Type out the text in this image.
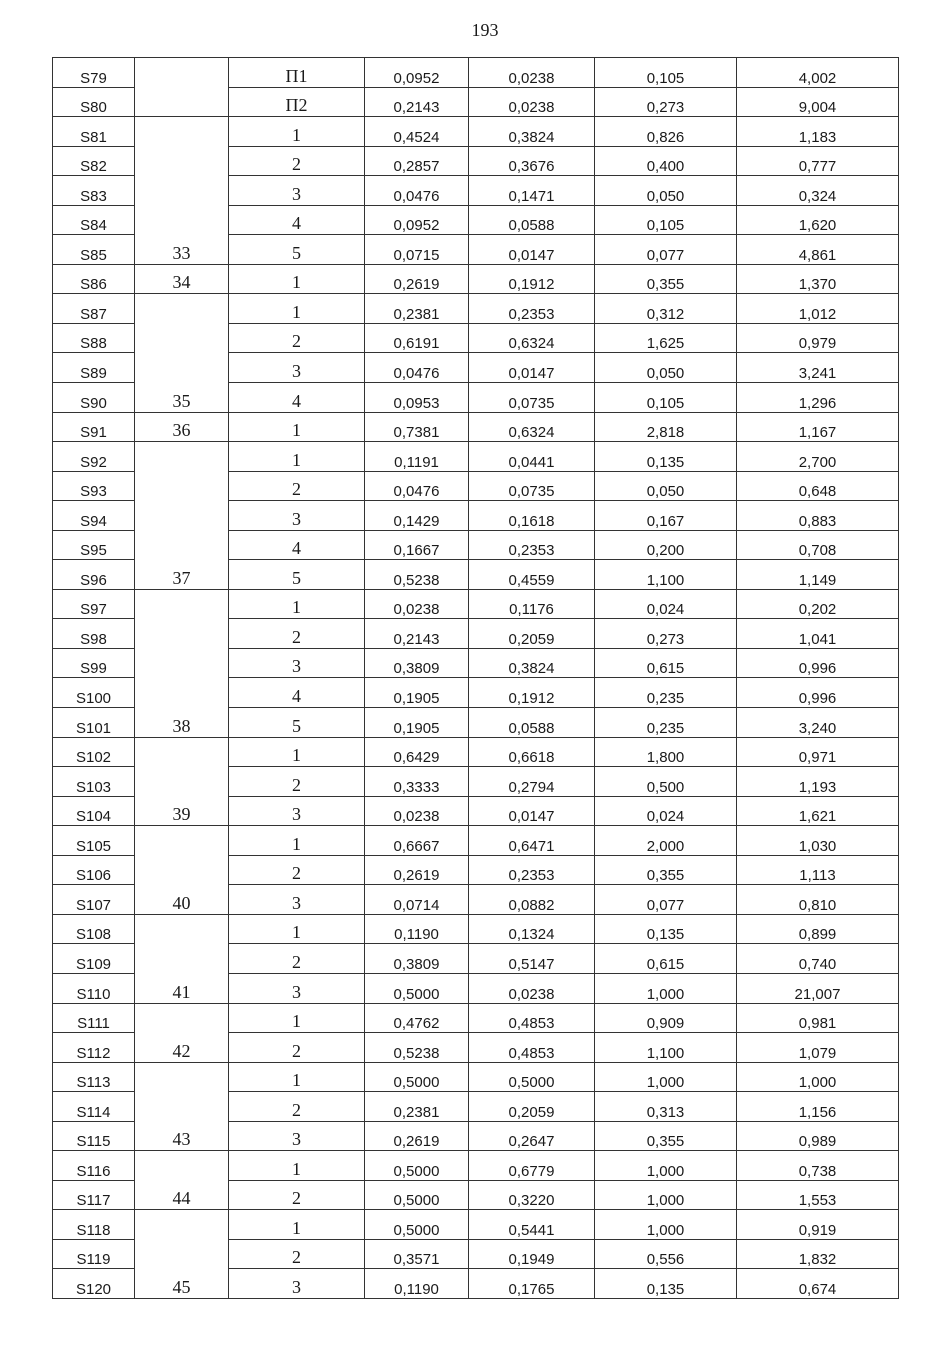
193
S79		П1	0,0952	0,0238	0,105	4,002
S80		П2	0,2143	0,0238	0,273	9,004
S81	33	1	0,4524	0,3824	0,826	1,183
S82		2	0,2857	0,3676	0,400	0,777
S83		3	0,0476	0,1471	0,050	0,324
S84		4	0,0952	0,0588	0,105	1,620
S85		5	0,0715	0,0147	0,077	4,861
S86	34	1	0,2619	0,1912	0,355	1,370
S87	35	1	0,2381	0,2353	0,312	1,012
S88		2	0,6191	0,6324	1,625	0,979
S89		3	0,0476	0,0147	0,050	3,241
S90		4	0,0953	0,0735	0,105	1,296
S91	36	1	0,7381	0,6324	2,818	1,167
S92	37	1	0,1191	0,0441	0,135	2,700
S93		2	0,0476	0,0735	0,050	0,648
S94		3	0,1429	0,1618	0,167	0,883
S95		4	0,1667	0,2353	0,200	0,708
S96		5	0,5238	0,4559	1,100	1,149
S97	38	1	0,0238	0,1176	0,024	0,202
S98		2	0,2143	0,2059	0,273	1,041
S99		3	0,3809	0,3824	0,615	0,996
S100		4	0,1905	0,1912	0,235	0,996
S101		5	0,1905	0,0588	0,235	3,240
S102	39	1	0,6429	0,6618	1,800	0,971
S103		2	0,3333	0,2794	0,500	1,193
S104		3	0,0238	0,0147	0,024	1,621
S105	40	1	0,6667	0,6471	2,000	1,030
S106		2	0,2619	0,2353	0,355	1,113
S107		3	0,0714	0,0882	0,077	0,810
S108	41	1	0,1190	0,1324	0,135	0,899
S109		2	0,3809	0,5147	0,615	0,740
S110		3	0,5000	0,0238	1,000	21,007
S111	42	1	0,4762	0,4853	0,909	0,981
S112		2	0,5238	0,4853	1,100	1,079
S113	43	1	0,5000	0,5000	1,000	1,000
S114		2	0,2381	0,2059	0,313	1,156
S115		3	0,2619	0,2647	0,355	0,989
S116	44	1	0,5000	0,6779	1,000	0,738
S117		2	0,5000	0,3220	1,000	1,553
S118	45	1	0,5000	0,5441	1,000	0,919
S119		2	0,3571	0,1949	0,556	1,832
S120		3	0,1190	0,1765	0,135	0,674
